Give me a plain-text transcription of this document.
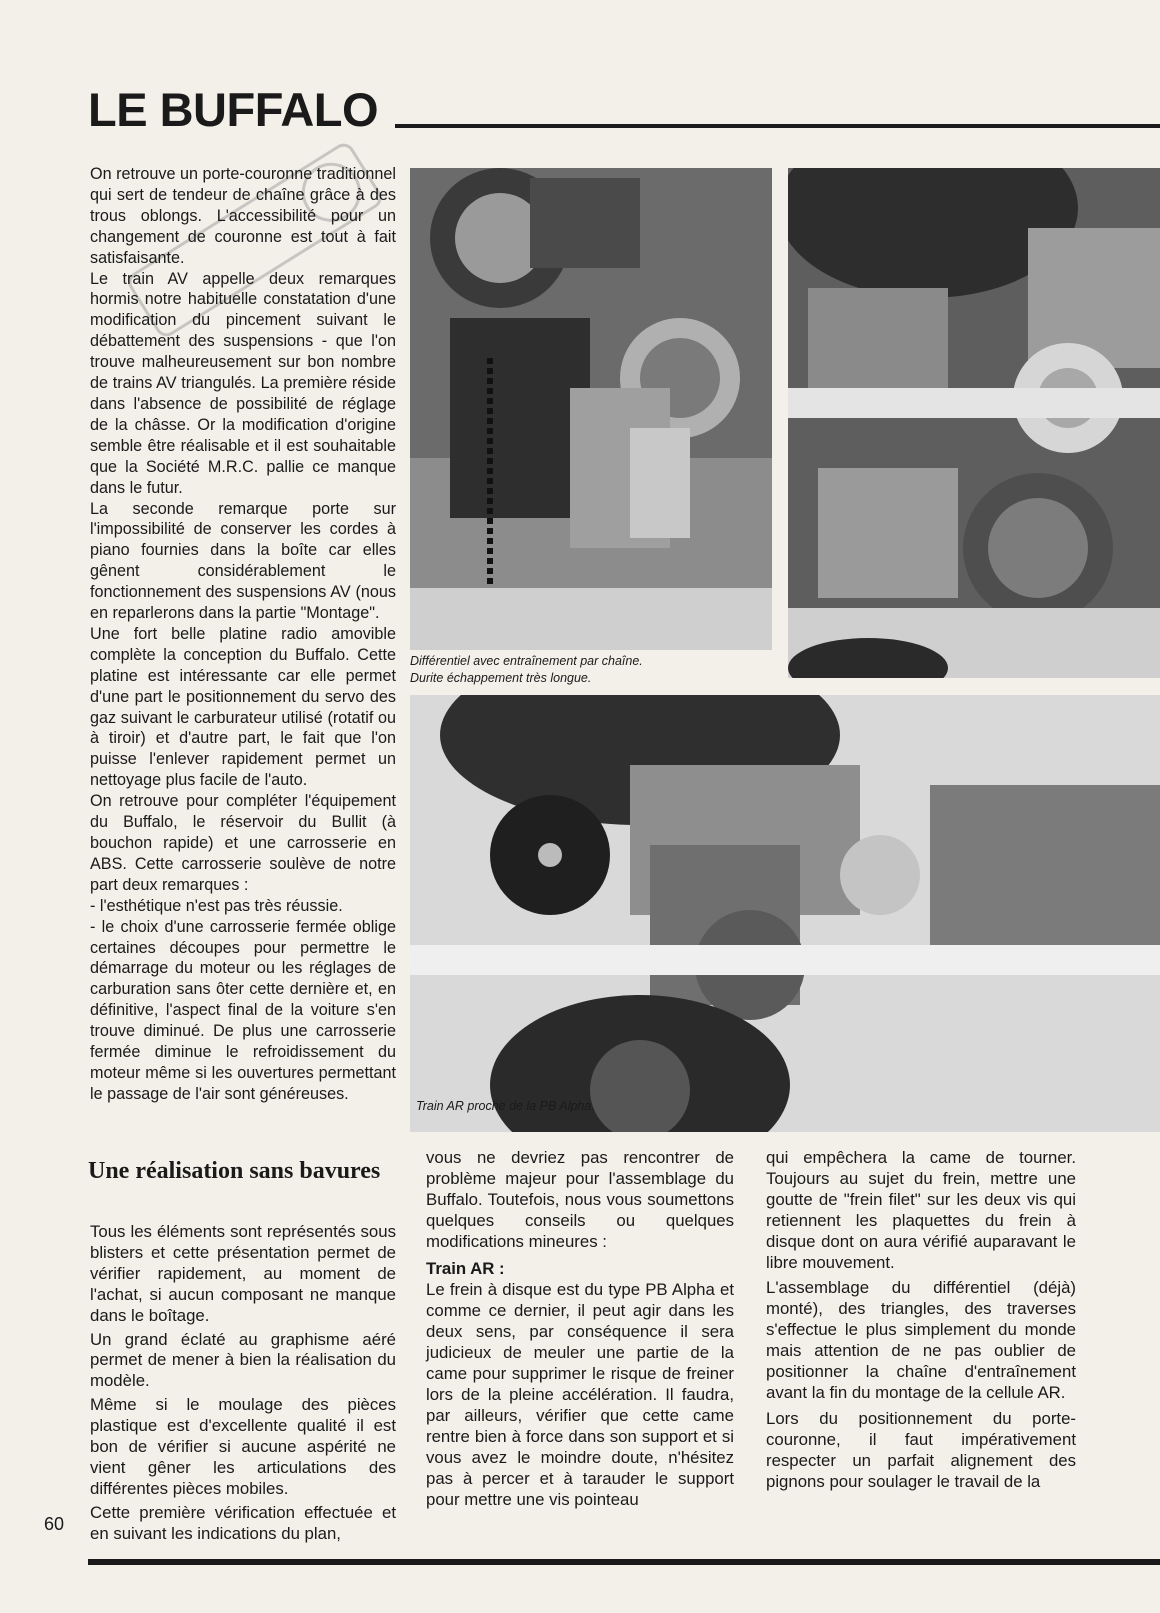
LE BUFFALO

On retrouve un porte-couronne traditionnel qui sert de tendeur de chaîne grâce à des trous oblongs. L'accessibilité pour un changement de couronne est tout à fait satisfaisante.

Le train AV appelle deux remarques hormis notre habituelle constatation d'une modification du pincement suivant le débattement des suspensions - que l'on trouve malheureusement sur bon nombre de trains AV triangulés. La première réside dans l'absence de possibilité de réglage de la châsse. Or la modification d'origine semble être réalisable et il est souhaitable que la Société M.R.C. pallie ce manque dans le futur.

La seconde remarque porte sur l'impossibilité de conserver les cordes à piano fournies dans la boîte car elles gênent considérablement le fonctionnement des suspensions AV (nous en reparlerons dans la partie "Montage".

Une fort belle platine radio amovible complète la conception du Buffalo. Cette platine est intéressante car elle permet d'une part le positionnement du servo des gaz suivant le carburateur utilisé (rotatif ou à tiroir) et d'autre part, le fait que l'on puisse l'enlever rapidement permet un nettoyage plus facile de l'auto.

On retrouve pour compléter l'équipement du Buffalo, le réservoir du Bullit (à bouchon rapide) et une carrosserie en ABS. Cette carrosserie soulève de notre part deux remarques :

- l'esthétique n'est pas très réussie.

- le choix d'une carrosserie fermée oblige certaines découpes pour permettre le démarrage du moteur ou les réglages de carburation sans ôter cette dernière et, en définitive, l'aspect final de la voiture s'en trouve diminué. De plus une carrosserie fermée diminue le refroidissement du moteur même si les ouvertures permettant le passage de l'air sont généreuses.

Une réalisation sans bavures

Tous les éléments sont représentés sous blisters et cette présentation permet de vérifier rapidement, au moment de l'achat, si aucun composant ne manque dans le boîtage.

Un grand éclaté au graphisme aéré permet de mener à bien la réalisation du modèle.

Même si le moulage des pièces plastique est d'excellente qualité il est bon de vérifier si aucune aspérité ne vient gêner les articulations des différentes pièces mobiles.

Cette première vérification effectuée et en suivant les indications du plan,

vous ne devriez pas rencontrer de problème majeur pour l'assemblage du Buffalo. Toutefois, nous vous soumettons quelques conseils ou quelques modifications mineures :

Train AR :

Le frein à disque est du type PB Alpha et comme ce dernier, il peut agir dans les deux sens, par conséquence il sera judicieux de meuler une partie de la came pour supprimer le risque de freiner lors de la pleine accélération. Il faudra, par ailleurs, vérifier que cette came rentre bien à force dans son support et si vous avez le moindre doute, n'hésitez pas à percer et à tarauder le support pour mettre une vis pointeau

qui empêchera la came de tourner. Toujours au sujet du frein, mettre une goutte de "frein filet" sur les deux vis qui retiennent les plaquettes du frein à disque dont on aura vérifié auparavant le libre mouvement.

L'assemblage du différentiel (déjà) monté), des triangles, des traverses s'effectue le plus simplement du monde mais attention de ne pas oublier de positionner la chaîne d'entraînement avant la fin du montage de la cellule AR.

Lors du positionnement du porte-couronne, il faut impérativement respecter un parfait alignement des pignons pour soulager le travail de la

Différentiel avec entraînement par chaîne.
Durite échappement très longue.
Train AR proche de la PB Alpha.
60
